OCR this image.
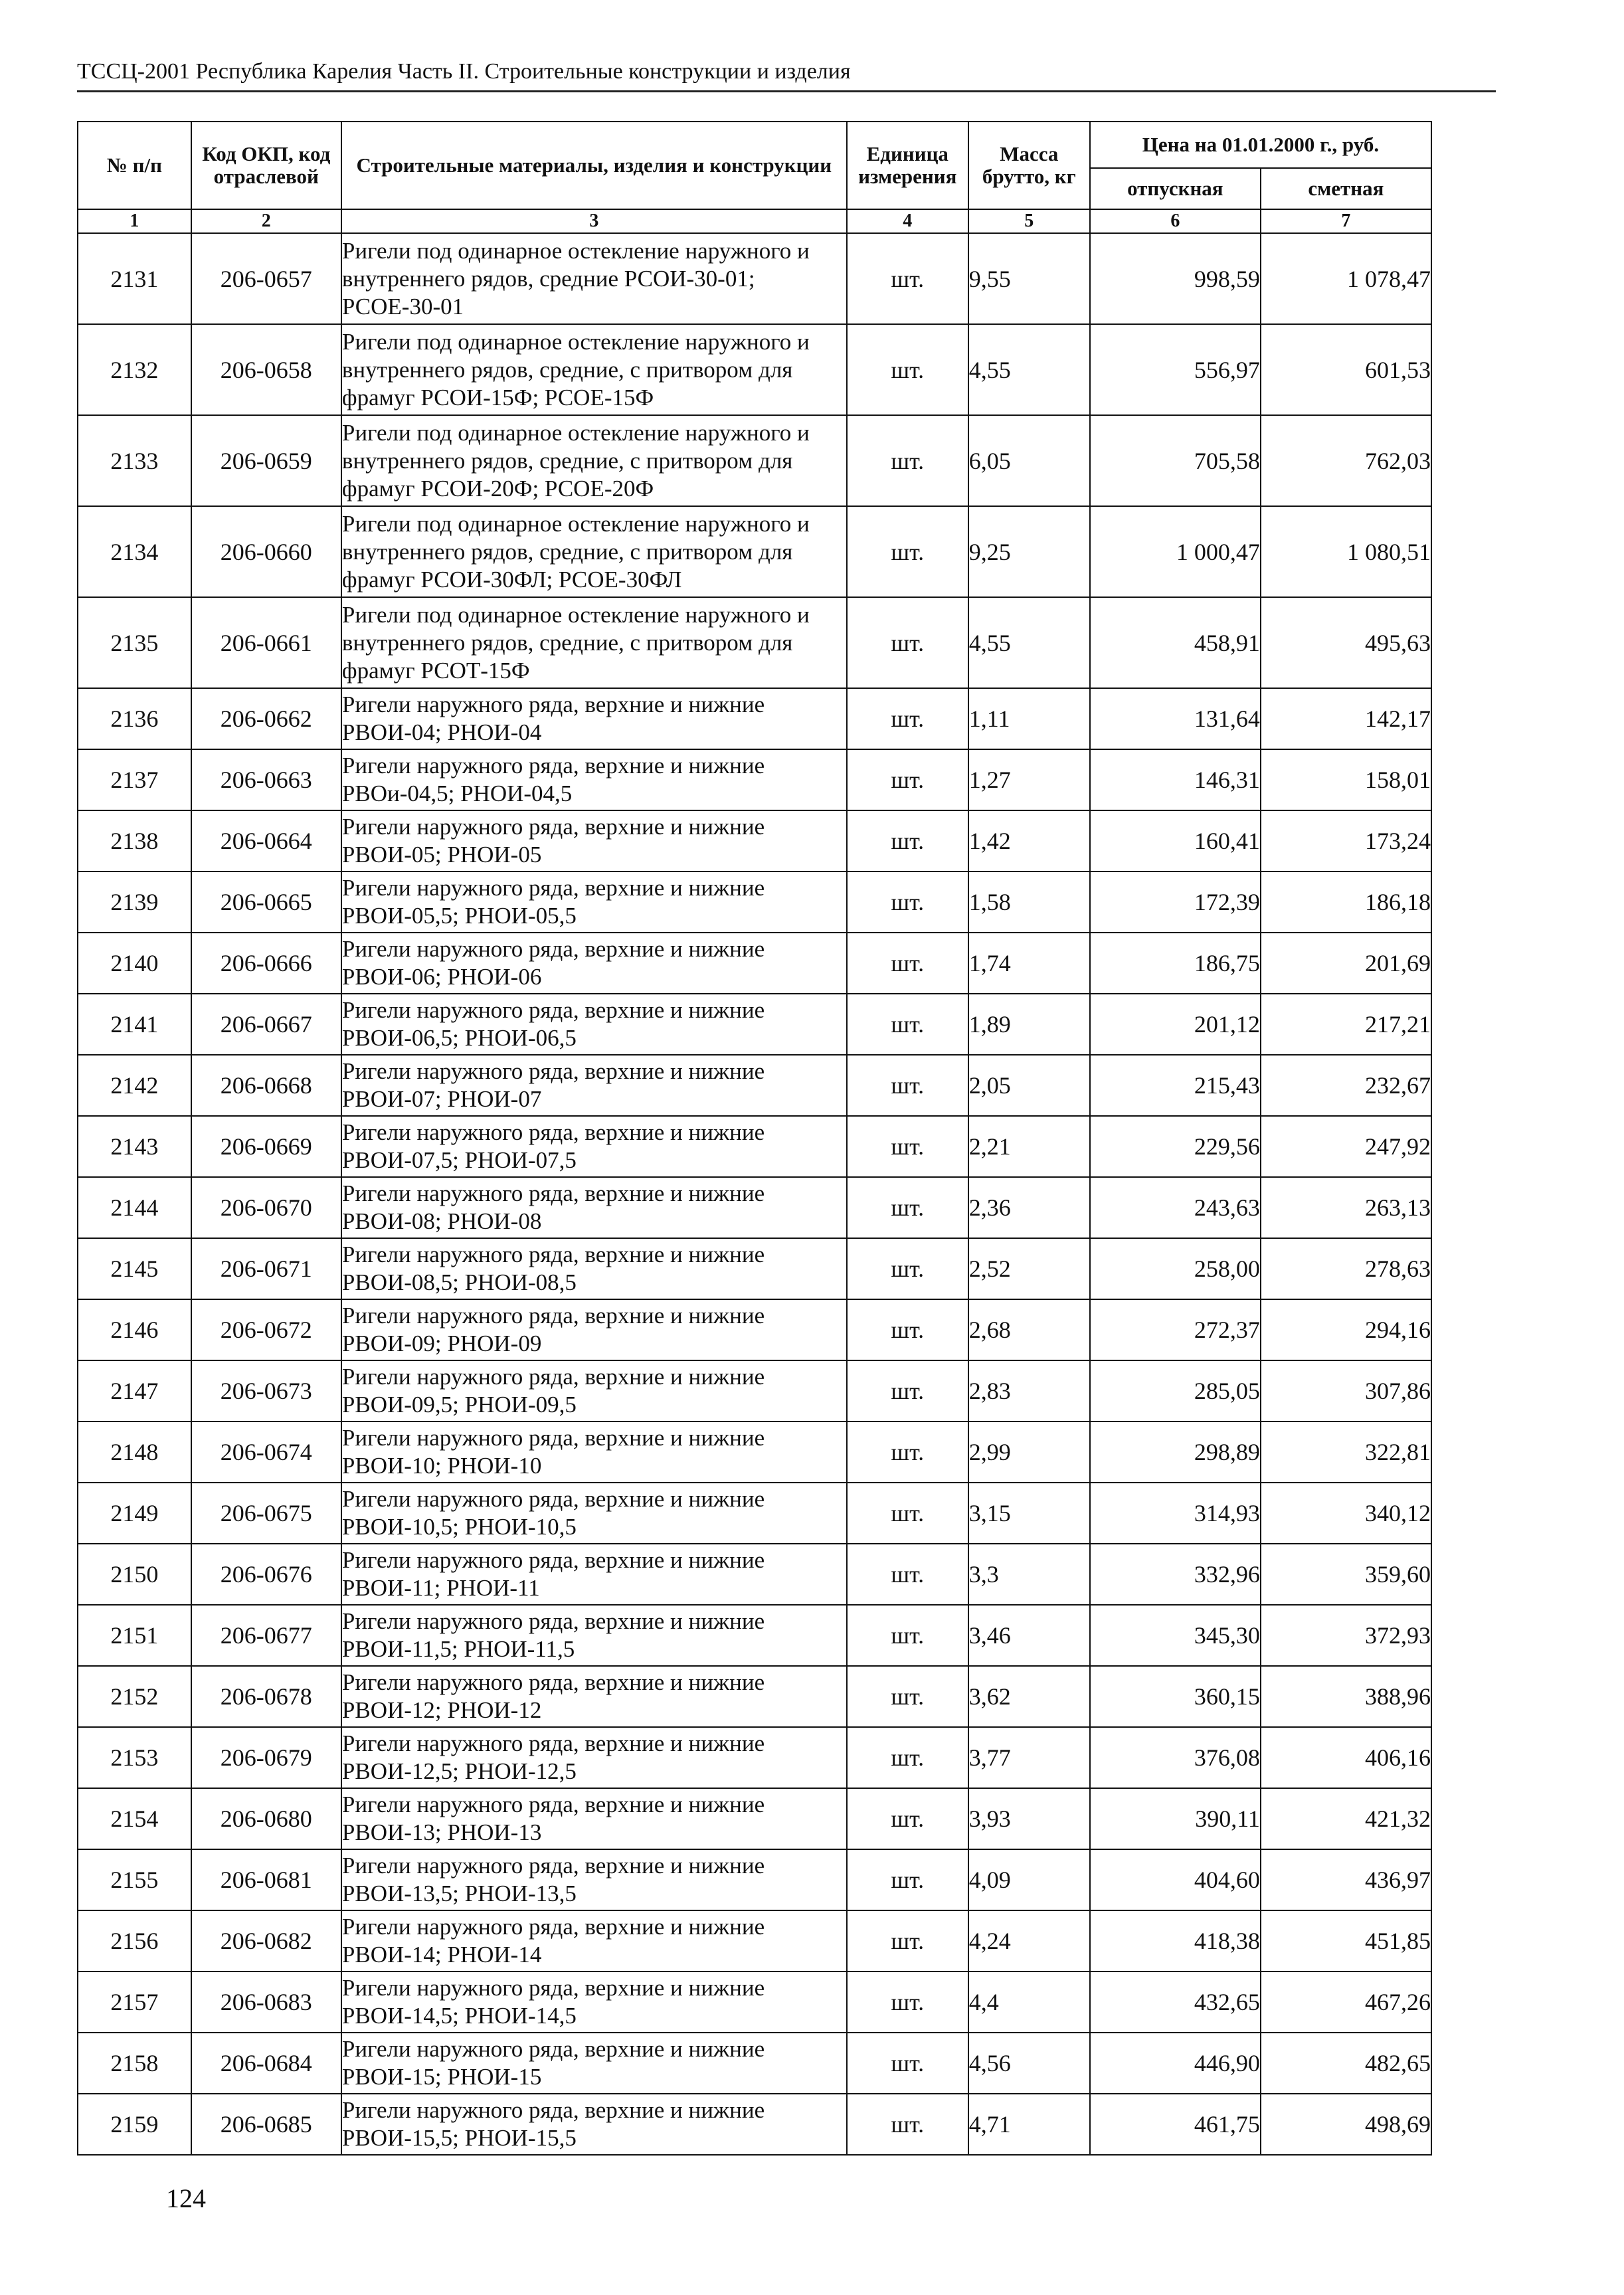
ТССЦ-2001 Республика Карелия Часть II. Строительные конструкции и изделия
№ п/п	Код ОКП, код отраслевой	Строительные материалы, изделия и конструкции	Единица измерения	Масса брутто, кг	Цена на 01.01.2000 г., руб.	
					отпускная	сметная
1	2	3	4	5	6	7
2131	206-0657	Ригели под одинарное остекление наружного и внутреннего рядов, средние РСОИ-30-01; РСОЕ-30-01	шт.	9,55	998,59	1 078,47
2132	206-0658	Ригели под одинарное остекление наружного и внутреннего рядов, средние, с притвором для фрамуг РСОИ-15Ф; РСОЕ-15Ф	шт.	4,55	556,97	601,53
2133	206-0659	Ригели под одинарное остекление наружного и внутреннего рядов, средние, с притвором для фрамуг РСОИ-20Ф; РСОЕ-20Ф	шт.	6,05	705,58	762,03
2134	206-0660	Ригели под одинарное остекление наружного и внутреннего рядов, средние, с притвором для фрамуг РСОИ-30ФЛ; РСОЕ-30ФЛ	шт.	9,25	1 000,47	1 080,51
2135	206-0661	Ригели под одинарное остекление наружного и внутреннего рядов, средние, с притвором для фрамуг РСОТ-15Ф	шт.	4,55	458,91	495,63
2136	206-0662	Ригели наружного ряда, верхние и нижние РВОИ-04; РНОИ-04	шт.	1,11	131,64	142,17
2137	206-0663	Ригели наружного ряда, верхние и нижние РВОи-04,5; РНОИ-04,5	шт.	1,27	146,31	158,01
2138	206-0664	Ригели наружного ряда, верхние и нижние РВОИ-05; РНОИ-05	шт.	1,42	160,41	173,24
2139	206-0665	Ригели наружного ряда, верхние и нижние РВОИ-05,5; РНОИ-05,5	шт.	1,58	172,39	186,18
2140	206-0666	Ригели наружного ряда, верхние и нижние РВОИ-06; РНОИ-06	шт.	1,74	186,75	201,69
2141	206-0667	Ригели наружного ряда, верхние и нижние РВОИ-06,5; РНОИ-06,5	шт.	1,89	201,12	217,21
2142	206-0668	Ригели наружного ряда, верхние и нижние РВОИ-07; РНОИ-07	шт.	2,05	215,43	232,67
2143	206-0669	Ригели наружного ряда, верхние и нижние РВОИ-07,5; РНОИ-07,5	шт.	2,21	229,56	247,92
2144	206-0670	Ригели наружного ряда, верхние и нижние РВОИ-08; РНОИ-08	шт.	2,36	243,63	263,13
2145	206-0671	Ригели наружного ряда, верхние и нижние РВОИ-08,5; РНОИ-08,5	шт.	2,52	258,00	278,63
2146	206-0672	Ригели наружного ряда, верхние и нижние РВОИ-09; РНОИ-09	шт.	2,68	272,37	294,16
2147	206-0673	Ригели наружного ряда, верхние и нижние РВОИ-09,5; РНОИ-09,5	шт.	2,83	285,05	307,86
2148	206-0674	Ригели наружного ряда, верхние и нижние РВОИ-10; РНОИ-10	шт.	2,99	298,89	322,81
2149	206-0675	Ригели наружного ряда, верхние и нижние РВОИ-10,5; РНОИ-10,5	шт.	3,15	314,93	340,12
2150	206-0676	Ригели наружного ряда, верхние и нижние РВОИ-11; РНОИ-11	шт.	3,3	332,96	359,60
2151	206-0677	Ригели наружного ряда, верхние и нижние РВОИ-11,5; РНОИ-11,5	шт.	3,46	345,30	372,93
2152	206-0678	Ригели наружного ряда, верхние и нижние РВОИ-12; РНОИ-12	шт.	3,62	360,15	388,96
2153	206-0679	Ригели наружного ряда, верхние и нижние РВОИ-12,5; РНОИ-12,5	шт.	3,77	376,08	406,16
2154	206-0680	Ригели наружного ряда, верхние и нижние РВОИ-13; РНОИ-13	шт.	3,93	390,11	421,32
2155	206-0681	Ригели наружного ряда, верхние и нижние РВОИ-13,5; РНОИ-13,5	шт.	4,09	404,60	436,97
2156	206-0682	Ригели наружного ряда, верхние и нижние РВОИ-14; РНОИ-14	шт.	4,24	418,38	451,85
2157	206-0683	Ригели наружного ряда, верхние и нижние РВОИ-14,5; РНОИ-14,5	шт.	4,4	432,65	467,26
2158	206-0684	Ригели наружного ряда, верхние и нижние РВОИ-15; РНОИ-15	шт.	4,56	446,90	482,65
2159	206-0685	Ригели наружного ряда, верхние и нижние РВОИ-15,5; РНОИ-15,5	шт.	4,71	461,75	498,69
124
